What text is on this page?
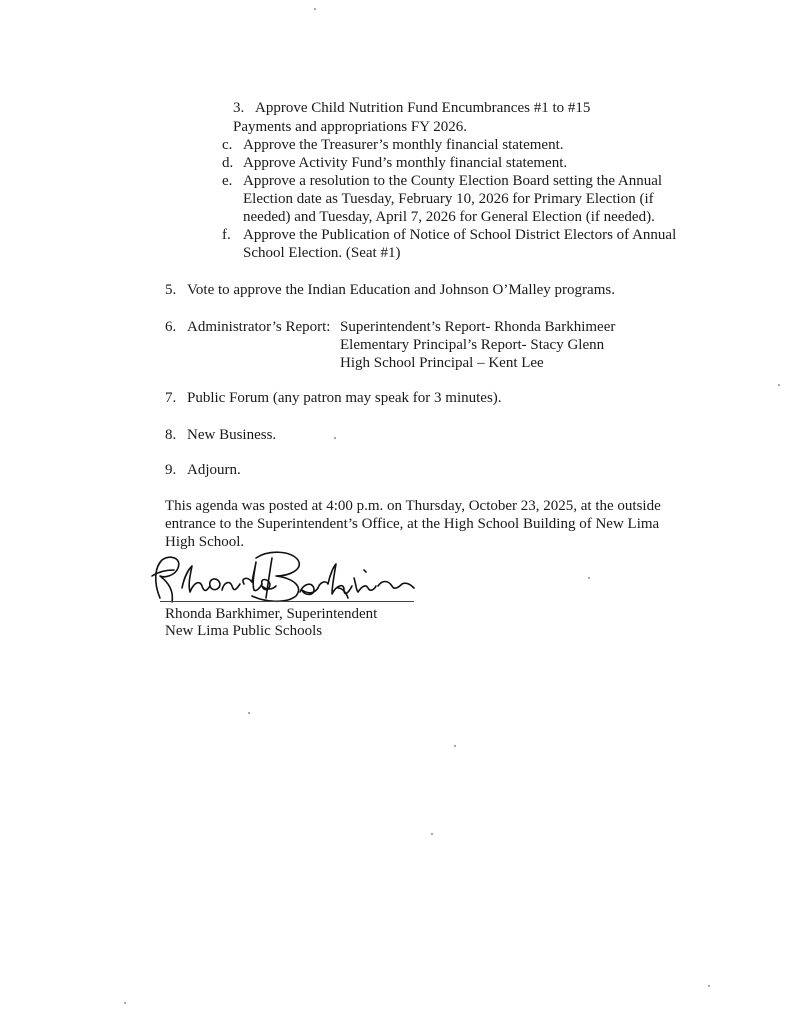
3. Approve Child Nutrition Fund Encumbrances #1 to #15
Payments and appropriations FY 2026.
c. Approve the Treasurer’s monthly financial statement.
d. Approve Activity Fund’s monthly financial statement.
e. Approve a resolution to the County Election Board setting the Annual
Election date as Tuesday, February 10, 2026 for Primary Election (if
needed) and Tuesday, April 7, 2026 for General Election (if needed).
f. Approve the Publication of Notice of School District Electors of Annual
School Election. (Seat #1)
5. Vote to approve the Indian Education and Johnson O’Malley programs.
6. Administrator’s Report: Superintendent’s Report- Rhonda Barkhimeer
Elementary Principal’s Report- Stacy Glenn
High School Principal – Kent Lee
7. Public Forum (any patron may speak for 3 minutes).
8. New Business.
9. Adjourn.
This agenda was posted at 4:00 p.m. on Thursday, October 23, 2025, at the outside
entrance to the Superintendent’s Office, at the High School Building of New Lima
High School.
Rhonda Barkhimer, Superintendent
New Lima Public Schools
